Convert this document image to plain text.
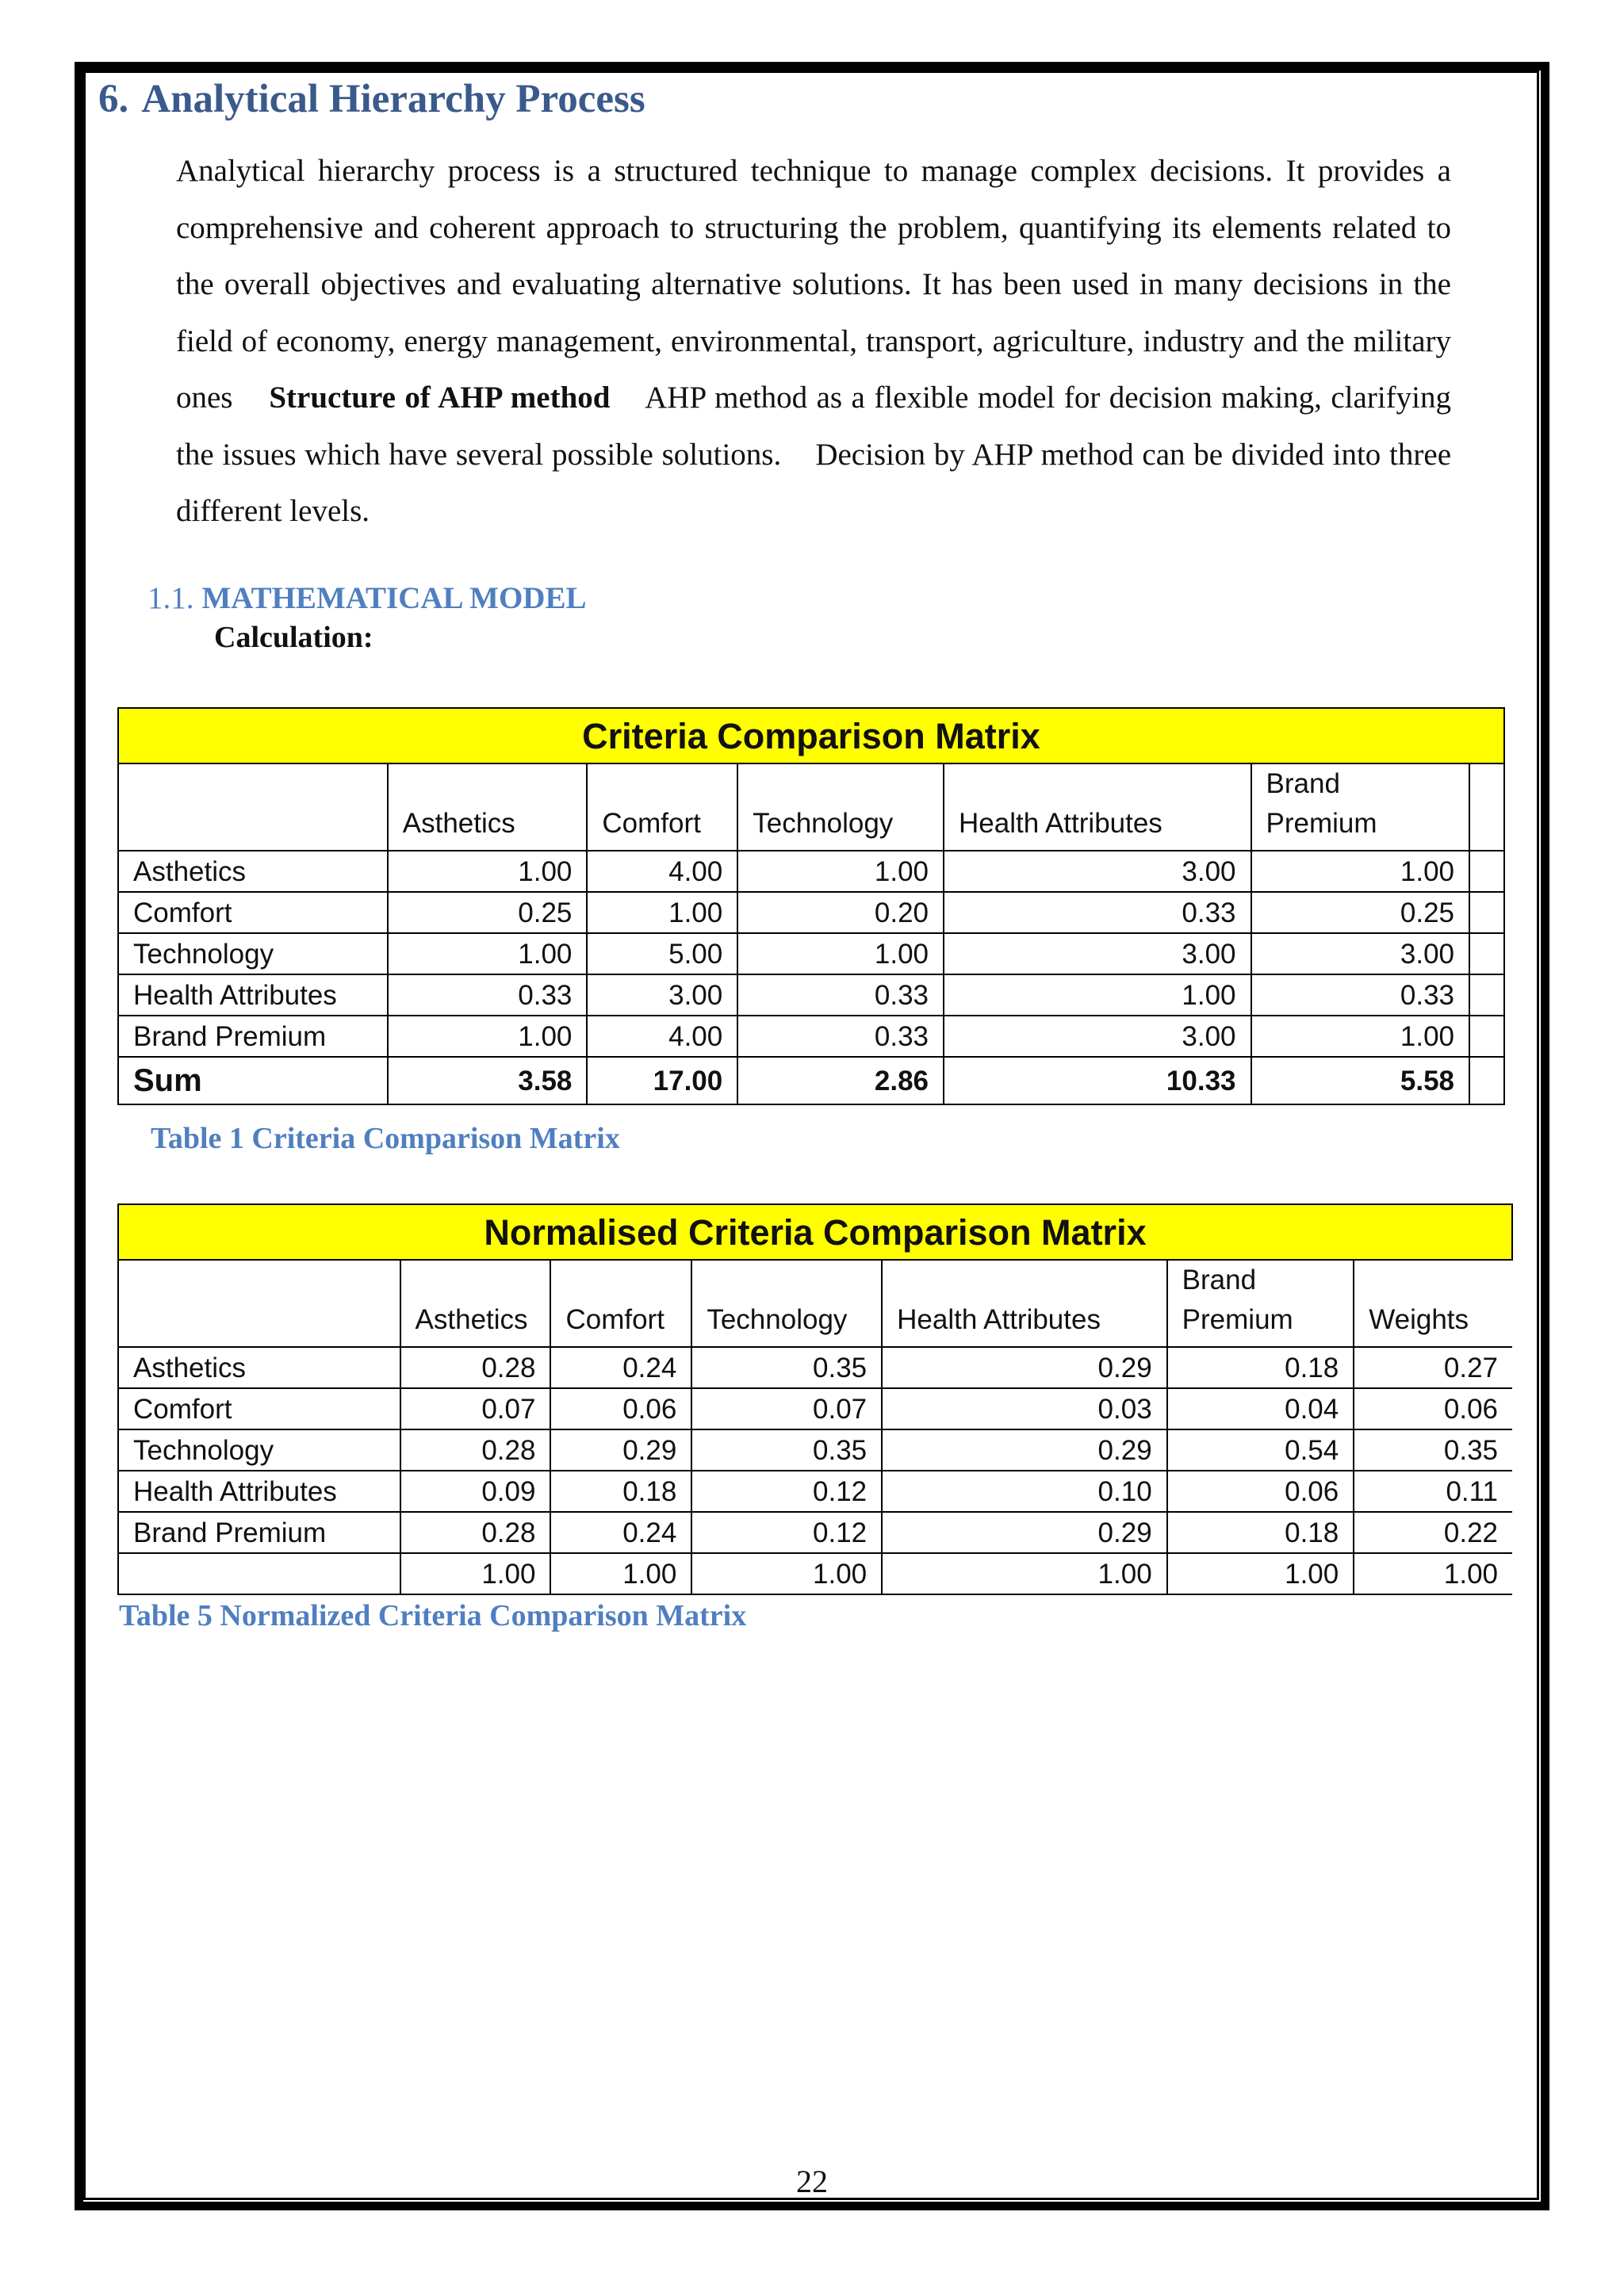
6. Analytical Hierarchy Process

Analytical hierarchy process is a structured technique to manage complex decisions. It provides a comprehensive and coherent approach to structuring the problem, quantifying its elements related to the overall objectives and evaluating alternative solutions. It has been used in many decisions in the field of economy, energy management, environmental, transport, agriculture, industry and the military ones Structure of AHP method AHP method as a flexible model for decision making, clarifying the issues which have several possible solutions. Decision by AHP method can be divided into three different levels.

1.1. MATHEMATICAL MODEL

Calculation:

Criteria Comparison Matrix						
	Asthetics	Comfort	Technology	Health Attributes	Brand
Premium	
Asthetics	1.00	4.00	1.00	3.00	1.00	
Comfort	0.25	1.00	0.20	0.33	0.25	
Technology	1.00	5.00	1.00	3.00	3.00	
Health Attributes	0.33	3.00	0.33	1.00	0.33	
Brand Premium	1.00	4.00	0.33	3.00	1.00	
Sum	3.58	17.00	2.86	10.33	5.58	

Table 1 Criteria Comparison Matrix

Normalised Criteria Comparison Matrix						
	Asthetics	Comfort	Technology	Health Attributes	Brand
Premium	Weights
Asthetics	0.28	0.24	0.35	0.29	0.18	0.27
Comfort	0.07	0.06	0.07	0.03	0.04	0.06
Technology	0.28	0.29	0.35	0.29	0.54	0.35
Health Attributes	0.09	0.18	0.12	0.10	0.06	0.11
Brand Premium	0.28	0.24	0.12	0.29	0.18	0.22
	1.00	1.00	1.00	1.00	1.00	1.00

Table 5 Normalized Criteria Comparison Matrix

22
